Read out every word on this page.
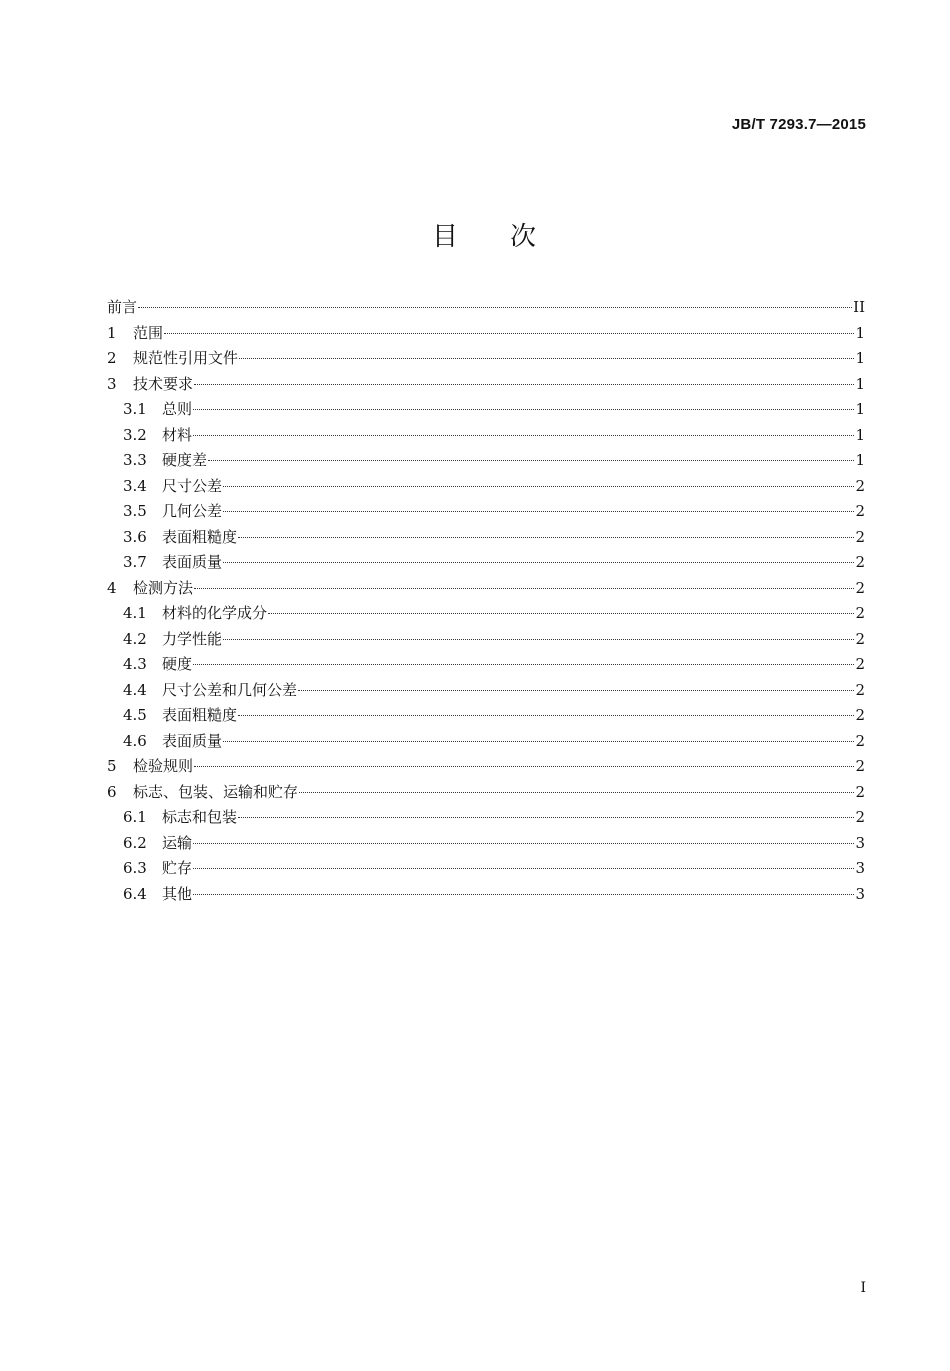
JB/T 7293.7—2015
目 次
前言	II
1	范围	1
2	规范性引用文件	1
3	技术要求	1
3.1	总则	1
3.2	材料	1
3.3	硬度差	1
3.4	尺寸公差	2
3.5	几何公差	2
3.6	表面粗糙度	2
3.7	表面质量	2
4	检测方法	2
4.1	材料的化学成分	2
4.2	力学性能	2
4.3	硬度	2
4.4	尺寸公差和几何公差	2
4.5	表面粗糙度	2
4.6	表面质量	2
5	检验规则	2
6	标志、包装、运输和贮存	2
6.1	标志和包装	2
6.2	运输	3
6.3	贮存	3
6.4	其他	3
I
